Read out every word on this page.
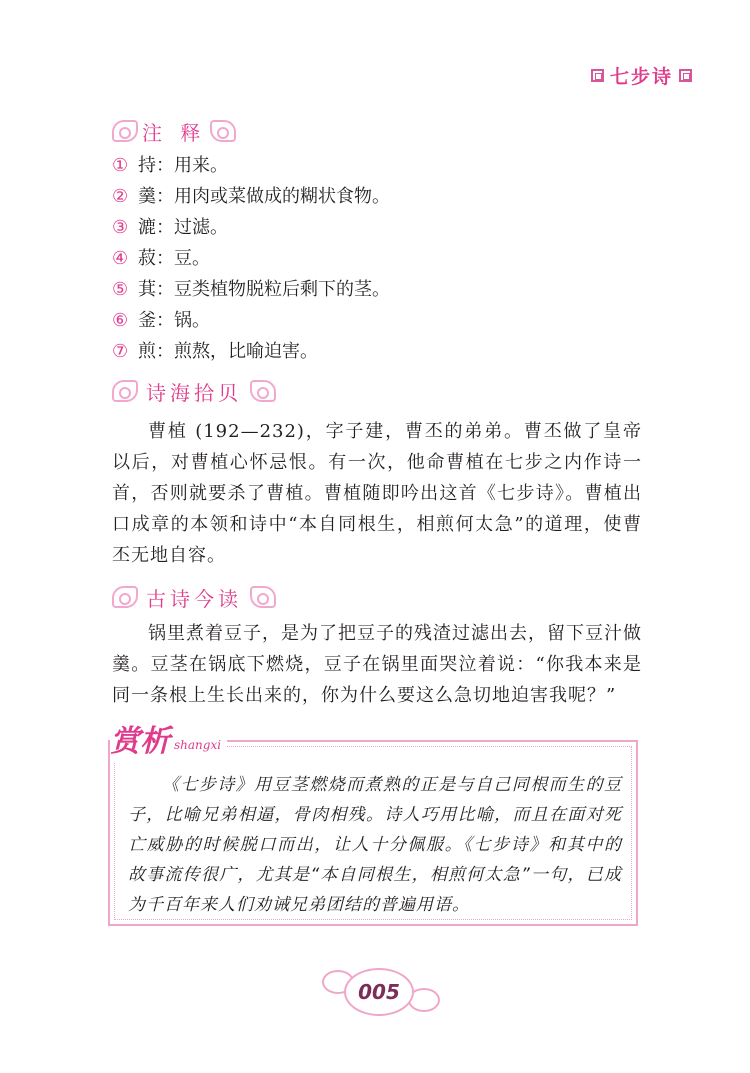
七步诗
注 释
① 持：用来。
② 羹：用肉或菜做成的糊状食物。
③ 漉：过滤。
④ 菽：豆。
⑤ 萁：豆类植物脱粒后剩下的茎。
⑥ 釜：锅。
⑦ 煎：煎熬，比喻迫害。
诗海拾贝

曹植 (192—232)，字子建，曹丕的弟弟。曹丕做了皇帝以后，对曹植心怀忌恨。有一次，他命曹植在七步之内作诗一首，否则就要杀了曹植。曹植随即吟出这首《七步诗》。曹植出口成章的本领和诗中“本自同根生，相煎何太急”的道理，使曹丕无地自容。

古诗今读

锅里煮着豆子，是为了把豆子的残渣过滤出去，留下豆汁做羹。豆茎在锅底下燃烧，豆子在锅里面哭泣着说：“你我本来是同一条根上生长出来的，你为什么要这么急切地迫害我呢？”

赏析 shangxi

《七步诗》用豆茎燃烧而煮熟的正是与自己同根而生的豆子，比喻兄弟相逼，骨肉相残。诗人巧用比喻，而且在面对死亡威胁的时候脱口而出，让人十分佩服。《七步诗》和其中的故事流传很广，尤其是“本自同根生，相煎何太急”一句，已成为千百年来人们劝诫兄弟团结的普遍用语。

005
